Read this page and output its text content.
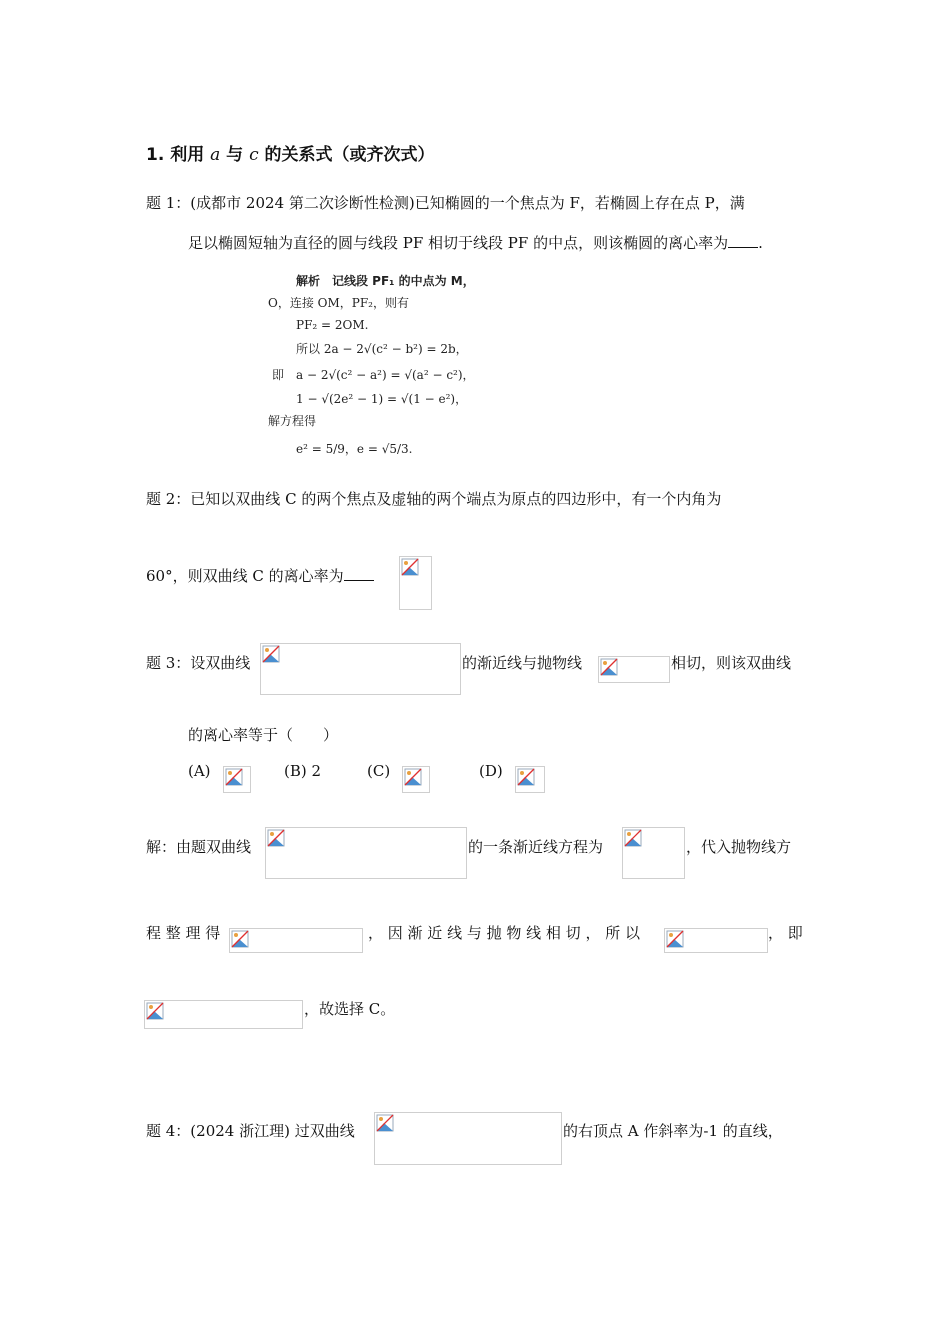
1. 利用 a 与 c 的关系式（或齐次式）
题 1：(成都市 2024 第二次诊断性检测)已知椭圆的一个焦点为 F，若椭圆上存在点 P，满
足以椭圆短轴为直径的圆与线段 PF 相切于线段 PF 的中点，则该椭圆的离心率为 .
解析　记线段 PF₁ 的中点为 M，
O，连接 OM，PF₂，则有
PF₂ = 2OM.
所以 2a − 2√(c² − b²) = 2b，
即　a − 2√(c² − a²) = √(a² − c²)，
1 − √(2e² − 1) = √(1 − e²)，
解方程得
e² = 5/9，e = √5/3.
题 2：已知以双曲线 C 的两个焦点及虚轴的两个端点为原点的四边形中，有一个内角为
60°，则双曲线 C 的离心率为
题 3：设双曲线	的渐近线与抛物线	相切，则该双曲线
的离心率等于（　　）
(A)	(B) 2	(C)	(D)
解：由题双曲线	的一条渐近线方程为	，代入抛物线方
程 整 理 得	， 因 渐 近 线 与 抛 物 线 相 切 ， 所 以	， 即
，故选择 C。
题 4：(2024 浙江理) 过双曲线	的右顶点 A 作斜率为-1 的直线，
